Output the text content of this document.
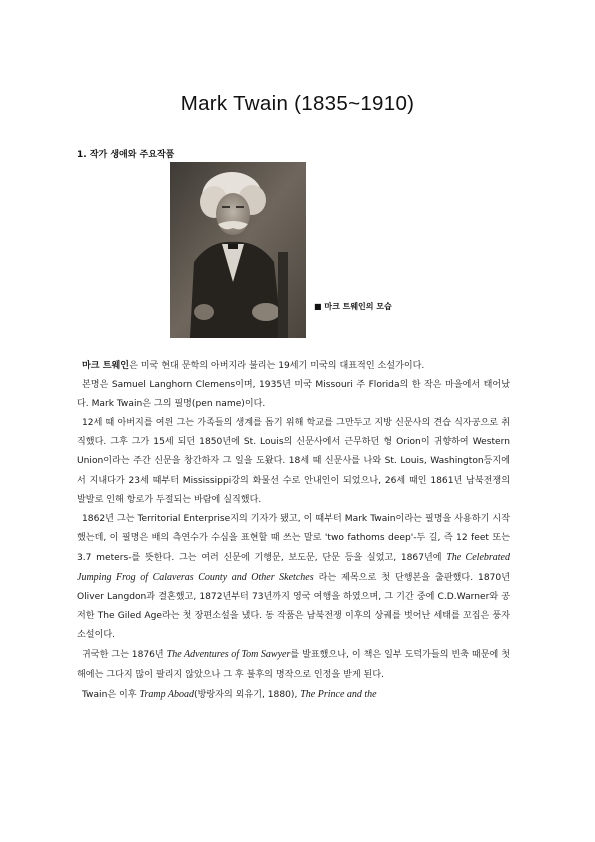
Mark Twain (1835~1910)
1. 작가 생애와 주요작품
■ 마크 트웨인의 모습

마크 트웨인은 미국 현대 문학의 아버지라 불리는 19세기 미국의 대표적인 소설가이다.

본명은 Samuel Langhorn Clemens이며, 1935년 미국 Missouri 주 Florida의 한 작은 마을에서 태어났다. Mark Twain은 그의 필명(pen name)이다.

12세 때 아버지를 여읜 그는 가족들의 생계를 돕기 위해 학교를 그만두고 지방 신문사의 견습 식자공으로 취직했다. 그후 그가 15세 되던 1850년에 St. Louis의 신문사에서 근무하던 형 Orion이 귀향하여 Western Union이라는 주간 신문을 창간하자 그 일을 도왔다. 18세 때 신문사를 나와 St. Louis, Washington등지에서 지내다가 23세 때부터 Mississippi강의 화물선 수로 안내인이 되었으나, 26세 때인 1861년 남북전쟁의 발발로 인해 항로가 두절되는 바람에 실직했다.

1862년 그는 Territorial Enterprise지의 기자가 됐고, 이 때부터 Mark Twain이라는 필명을 사용하기 시작했는데, 이 필명은 배의 측연수가 수심을 표현할 때 쓰는 말로 'two fathoms deep'-두 길, 즉 12 feet 또는 3.7 meters-를 뜻한다. 그는 여러 신문에 기행문, 보도문, 단문 등을 실었고, 1867년에 The Celebrated Jumping Frog of Calaveras County and Other Sketches 라는 제목으로 첫 단행본을 출판했다. 1870년 Oliver Langdon과 결혼했고, 1872년부터 73년까지 영국 여행을 하였으며, 그 기간 중에 C.D.Warner와 공저한 The Giled Age라는 첫 장편소설을 냈다. 동 작품은 남북전쟁 이후의 상궤를 벗어난 세태를 꼬집은 풍자소설이다.

귀국한 그는 1876년 The Adventures of Tom Sawyer를 발표했으나, 이 책은 일부 도덕가들의 빈축 때문에 첫 해에는 그다지 많이 팔리지 않았으나 그 후 불후의 명작으로 인정을 받게 된다.

Twain은 이후 Tramp Aboad(방랑자의 외유기, 1880), The Prince and the
